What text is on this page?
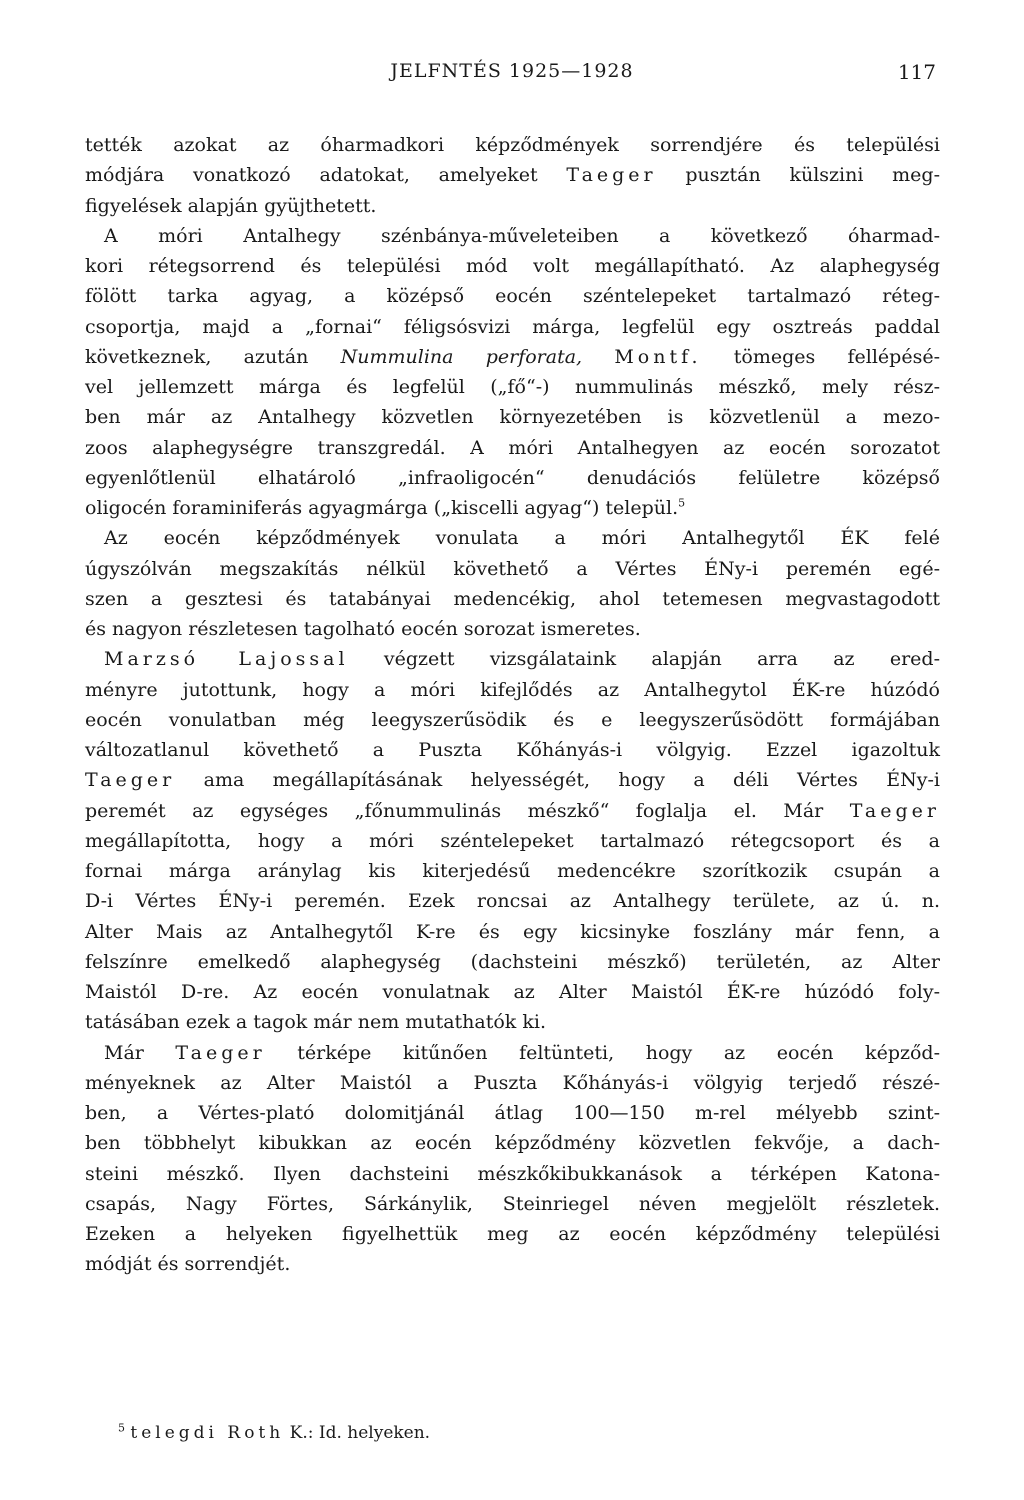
JELFNTÉS 1925—1928	117
tették azokat az óharmadkori képződmények sorrendjére és települési
módjára vonatkozó adatokat, amelyeket Taeger pusztán külszini meg-
figyelések alapján gyüjthetett.
 A móri Antalhegy szénbánya-műveleteiben a következő óharmad-
kori rétegsorrend és települési mód volt megállapítható. Az alaphegység
fölött tarka agyag, a középső eocén széntelepeket tartalmazó réteg-
csoportja, majd a „fornai“ féligsósvizi márga, legfelül egy osztreás paddal
következnek, azután Nummulina perforata, Montf. tömeges fellépésé-
vel jellemzett márga és legfelül („fő“-) nummulinás mészkő, mely rész-
ben már az Antalhegy közvetlen környezetében is közvetlenül a mezo-
zoos alaphegységre transzgredál. A móri Antalhegyen az eocén sorozatot
egyenlőtlenül elhatároló „infraoligocén“ denudációs felületre középső
oligocén foraminiferás agyagmárga („kiscelli agyag“) települ.$^5$
 Az eocén képződmények vonulata a móri Antalhegytől ÉK felé
úgyszólván megszakítás nélkül követhető a Vértes ÉNy-i peremén egé-
szen a gesztesi és tatabányai medencékig, ahol tetemesen megvastagodott
és nagyon részletesen tagolható eocén sorozat ismeretes.
 Marzsó Lajossal végzett vizsgálataink alapján arra az ered-
ményre jutottunk, hogy a móri kifejlődés az Antalhegytol ÉK-re húzódó
eocén vonulatban még leegyszerűsödik és e leegyszerűsödött formájában
változatlanul követhető a Puszta Kőhányás-i völgyig. Ezzel igazoltuk
Taeger ama megállapításának helyességét, hogy a déli Vértes ÉNy-i
peremét az egységes „főnummulinás mészkő“ foglalja el. Már Taeger
megállapította, hogy a móri széntelepeket tartalmazó rétegcsoport és a
fornai márga aránylag kis kiterjedésű medencékre szorítkozik csupán a
D-i Vértes ÉNy-i peremén. Ezek roncsai az Antalhegy területe, az ú. n.
Alter Mais az Antalhegytől K-re és egy kicsinyke foszlány már fenn, a
felszínre emelkedő alaphegység (dachsteini mészkő) területén, az Alter
Maistól D-re. Az eocén vonulatnak az Alter Maistól ÉK-re húzódó foly-
tatásában ezek a tagok már nem mutathatók ki.
 Már Taeger térképe kitűnően feltünteti, hogy az eocén képződ-
ményeknek az Alter Maistól a Puszta Kőhányás-i völgyig terjedő részé-
ben, a Vértes-plató dolomitjánál átlag 100—150 m-rel mélyebb szint-
ben többhelyt kibukkan az eocén képződmény közvetlen fekvője, a dach-
steini mészkő. Ilyen dachsteini mészkőkibukkanások a térképen Katona-
csapás, Nagy Förtes, Sárkánylik, Steinriegel néven megjelölt részletek.
Ezeken a helyeken figyelhettük meg az eocén képződmény települési
módját és sorrendjét.
$^5$ telegdi Roth K.: Id. helyeken.
